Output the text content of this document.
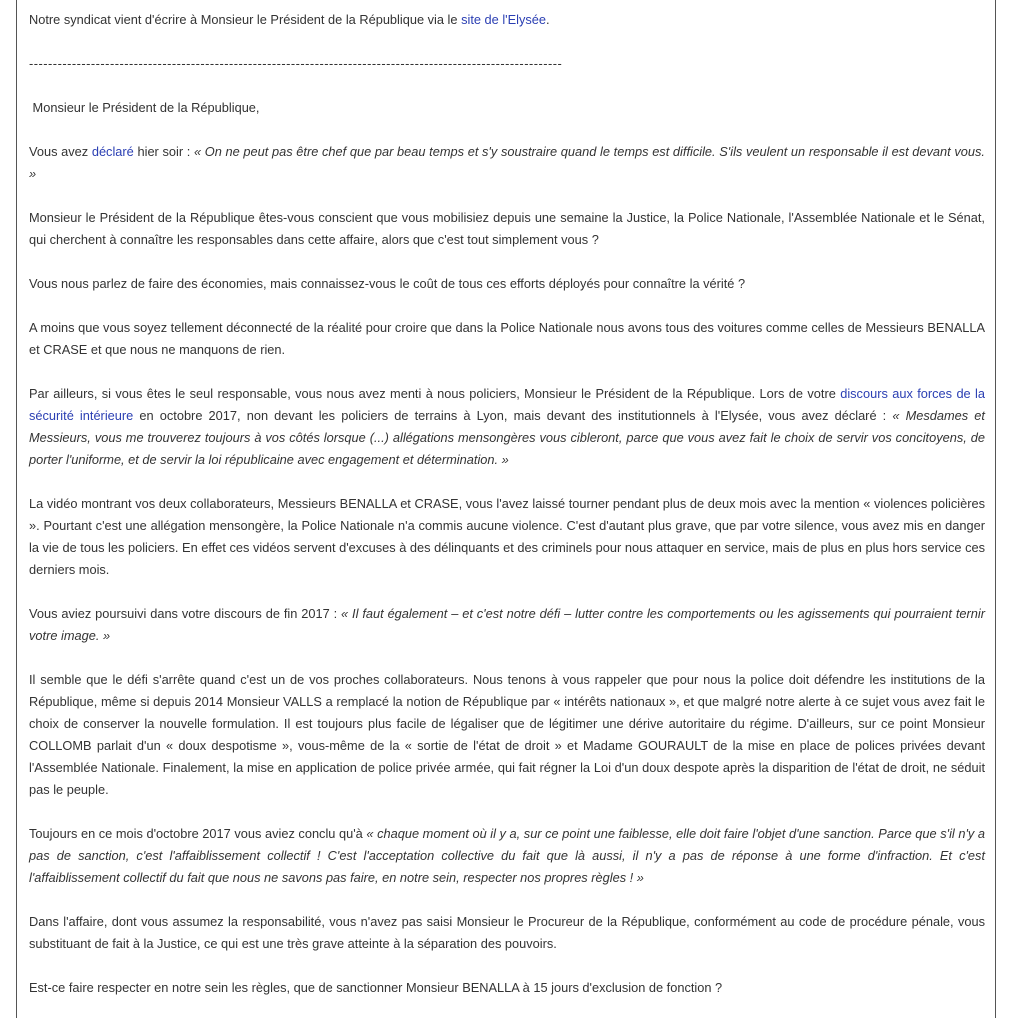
Notre syndicat vient d'écrire à Monsieur le Président de la République via le site de l'Elysée.

----------------------------------------------------------------------------------------------------------------

Monsieur le Président de la République,

Vous avez déclaré hier soir : « On ne peut pas être chef que par beau temps et s'y soustraire quand le temps est difficile. S'ils veulent un responsable il est devant vous. »

Monsieur le Président de la République êtes-vous conscient que vous mobilisiez depuis une semaine la Justice, la Police Nationale, l'Assemblée Nationale et le Sénat, qui cherchent à connaître les responsables dans cette affaire, alors que c'est tout simplement vous ?

Vous nous parlez de faire des économies, mais connaissez-vous le coût de tous ces efforts déployés pour connaître la vérité ?

A moins que vous soyez tellement déconnecté de la réalité pour croire que dans la Police Nationale nous avons tous des voitures comme celles de Messieurs BENALLA et CRASE et que nous ne manquons de rien.

Par ailleurs, si vous êtes le seul responsable, vous nous avez menti à nous policiers, Monsieur le Président de la République. Lors de votre discours aux forces de la sécurité intérieure en octobre 2017, non devant les policiers de terrains à Lyon, mais devant des institutionnels à l'Elysée, vous avez déclaré : « Mesdames et Messieurs, vous me trouverez toujours à vos côtés lorsque (...) allégations mensongères vous cibleront, parce que vous avez fait le choix de servir vos concitoyens, de porter l'uniforme, et de servir la loi républicaine avec engagement et détermination. »

La vidéo montrant vos deux collaborateurs, Messieurs BENALLA et CRASE, vous l'avez laissé tourner pendant plus de deux mois avec la mention « violences policières ». Pourtant c'est une allégation mensongère, la Police Nationale n'a commis aucune violence. C'est d'autant plus grave, que par votre silence, vous avez mis en danger la vie de tous les policiers. En effet ces vidéos servent d'excuses à des délinquants et des criminels pour nous attaquer en service, mais de plus en plus hors service ces derniers mois.

Vous aviez poursuivi dans votre discours de fin 2017 : « Il faut également – et c'est notre défi – lutter contre les comportements ou les agissements qui pourraient ternir votre image. »

Il semble que le défi s'arrête quand c'est un de vos proches collaborateurs. Nous tenons à vous rappeler que pour nous la police doit défendre les institutions de la République, même si depuis 2014 Monsieur VALLS a remplacé la notion de République par « intérêts nationaux », et que malgré notre alerte à ce sujet vous avez fait le choix de conserver la nouvelle formulation. Il est toujours plus facile de légaliser que de légitimer une dérive autoritaire du régime. D'ailleurs, sur ce point Monsieur COLLOMB parlait d'un « doux despotisme », vous-même de la « sortie de l'état de droit » et Madame GOURAULT de la mise en place de polices privées devant l'Assemblée Nationale. Finalement, la mise en application de police privée armée, qui fait régner la Loi d'un doux despote après la disparition de l'état de droit, ne séduit pas le peuple.

Toujours en ce mois d'octobre 2017 vous aviez conclu qu'à « chaque moment où il y a, sur ce point une faiblesse, elle doit faire l'objet d'une sanction. Parce que s'il n'y a pas de sanction, c'est l'affaiblissement collectif ! C'est l'acceptation collective du fait que là aussi, il n'y a pas de réponse à une forme d'infraction. Et c'est l'affaiblissement collectif du fait que nous ne savons pas faire, en notre sein, respecter nos propres règles ! »

Dans l'affaire, dont vous assumez la responsabilité, vous n'avez pas saisi Monsieur le Procureur de la République, conformément au code de procédure pénale, vous substituant de fait à la Justice, ce qui est une très grave atteinte à la séparation des pouvoirs.

Est-ce faire respecter en notre sein les règles, que de sanctionner Monsieur BENALLA à 15 jours d'exclusion de fonction ?
